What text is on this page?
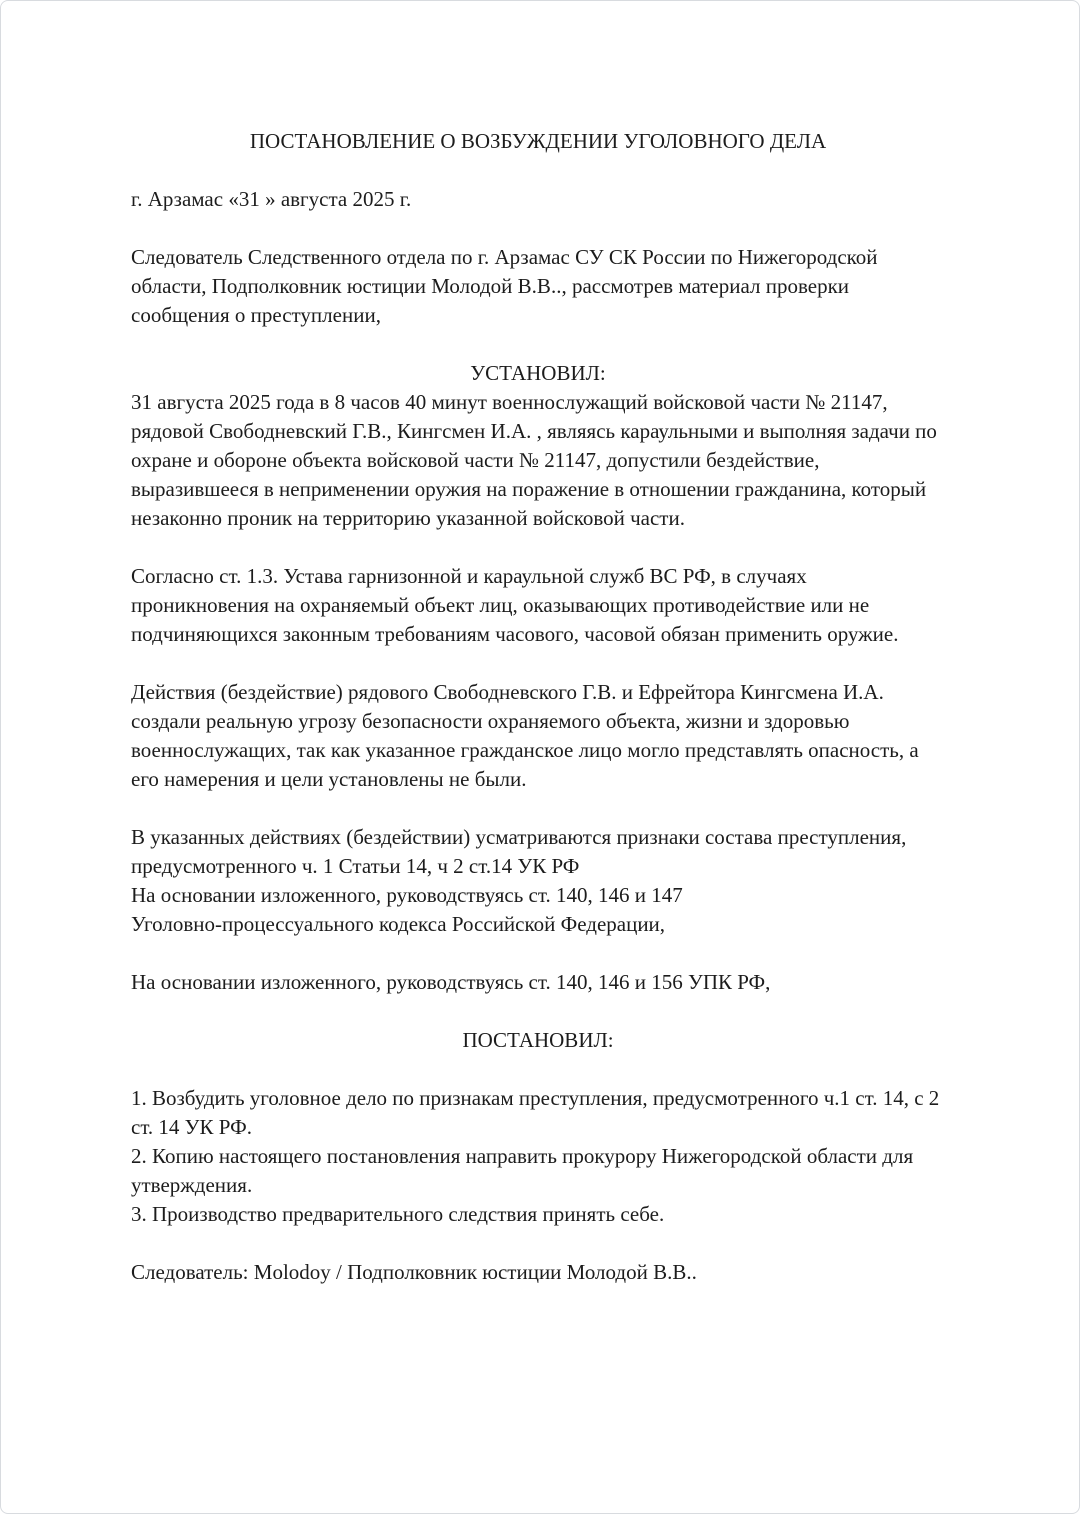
ПОСТАНОВЛЕНИЕ О ВОЗБУЖДЕНИИ УГОЛОВНОГО ДЕЛА

г. Арзамас «31 » августа 2025 г.

Следователь Следственного отдела по г. Арзамас СУ СК России по Нижегородской области, Подполковник юстиции Молодой В.В.., рассмотрев материал проверки сообщения о преступлении,

УСТАНОВИЛ:

31 августа 2025 года в 8 часов 40 минут военнослужащий войсковой части № 21147, рядовой Свободневский Г.В., Кингсмен И.А. , являясь караульными и выполняя задачи по охране и обороне объекта войсковой части № 21147, допустили бездействие, выразившееся в неприменении оружия на поражение в отношении гражданина, который незаконно проник на территорию указанной войсковой части.

Согласно ст. 1.3. Устава гарнизонной и караульной служб ВС РФ, в случаях проникновения на охраняемый объект лиц, оказывающих противодействие или не подчиняющихся законным требованиям часового, часовой обязан применить оружие.

Действия (бездействие) рядового Свободневского Г.В. и Ефрейтора Кингсмена И.А. создали реальную угрозу безопасности охраняемого объекта, жизни и здоровью военнослужащих, так как указанное гражданское лицо могло представлять опасность, а его намерения и цели установлены не были.

В указанных действиях (бездействии) усматриваются признаки состава преступления, предусмотренного ч. 1 Статьи 14, ч 2 ст.14 УК РФ
На основании изложенного, руководствуясь ст. 140, 146 и 147
Уголовно-процессуального кодекса Российской Федерации,

На основании изложенного, руководствуясь ст. 140, 146 и 156 УПК РФ,

ПОСТАНОВИЛ:
1. Возбудить уголовное дело по признакам преступления, предусмотренного ч.1 ст. 14, с 2 ст. 14 УК РФ.
2. Копию настоящего постановления направить прокурору Нижегородской области для утверждения.
3. Производство предварительного следствия принять себе.

Следователь: Molodoy / Подполковник юстиции Молодой В.В..
